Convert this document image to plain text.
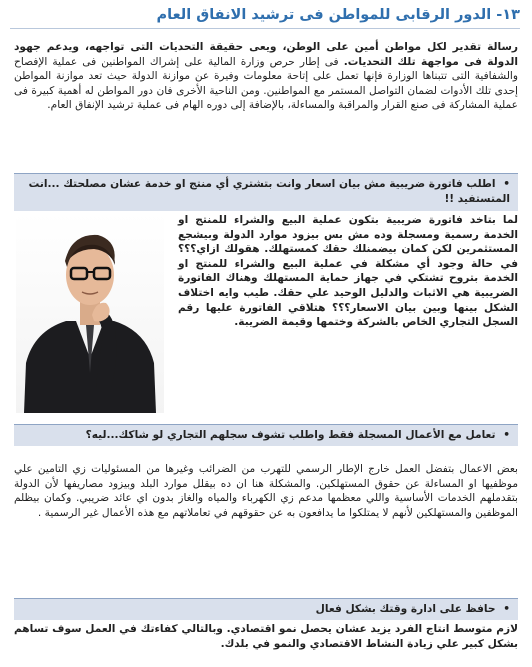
١٣- الدور الرقابى للمواطن فى ترشيد الانفاق العام
رسالة تقدير لكل مواطن أمين على الوطن، ويعى حقيقة التحديات التى تواجهه، ويدعم جهود الدولة فى مواجهة تلك التحديات. فى إطار حرص وزارة المالية على إشراك المواطنين فى عملية الإفصاح والشفافية التى تتبناها الوزارة فإنها تعمل على إتاحة معلومات وفيرة عن موازنة الدولة حيث تعد موازنة المواطن إحدى تلك الأدوات لضمان التواصل المستمر مع المواطنين. ومن الناحية الأخرى فان دور المواطن له أهمية كبيرة فى عملية المشاركة فى صنع القرار والمراقبة والمساءلة، بالإضافة إلى دوره الهام فى عملية ترشيد الإنفاق العام.
• اطلب فاتورة ضريبية مش بيان اسعار وانت بتشتري أي منتج او خدمة عشان مصلحتك ...انت المتستفيد !!
لما بتاخد فاتورة ضريبية بتكون عملية البيع والشراء للمنتج او الخدمة رسمية ومسجلة وده مش بس بيزود موارد الدولة وبيشجع المستثمرين لكن كمان بيضمنلك حقك كمستهلك. هقولك ازاي؟؟؟ في حالة وجود أي مشكلة في عملية البيع والشراء للمنتج او الخدمة بتروح تشتكي في جهاز حماية المستهلك وهناك الفاتورة الضريبية هي الاثبات والدليل الوحيد علي حقك. طيب وايه اختلاف الشكل بينها وبين بيان الاسعار؟؟؟ هتلاقي الفاتورة عليها رقم السجل التجاري الخاص بالشركة وختمها وقيمة الضريبة.
• تعامل مع الأعمال المسجلة فقط واطلب تشوف سجلهم التجاري لو شاكك...ليه؟
بعض الاعمال بتفضل العمل خارج الإطار الرسمي للتهرب من الضرائب وغيرها من المسئوليات زي التامين علي موظفيها او المساءلة عن حقوق المستهلكين. والمشكلة هنا ان ده بيقلل موارد البلد وبيزود مصاريفها لأن الدولة بتقدملهم الخدمات الأساسية واللي معظمها مدعم زي الكهرباء والمياه والغاز بدون اي عائد ضريبي. وكمان بيظلم الموظفين والمستهلكين لأنهم لا يمتلكوا ما يدافعون به عن حقوقهم في تعاملاتهم مع هذه الأعمال غير الرسمية .
• حافظ على ادارة وقتك بشكل فعال
لازم متوسط انتاج الفرد يزيد عشان يحصل نمو اقتصادي. وبالتالي كفاءتك في العمل سوف تساهم بشكل كبير علي زيادة النشاط الاقتصادي والنمو في بلدك.
